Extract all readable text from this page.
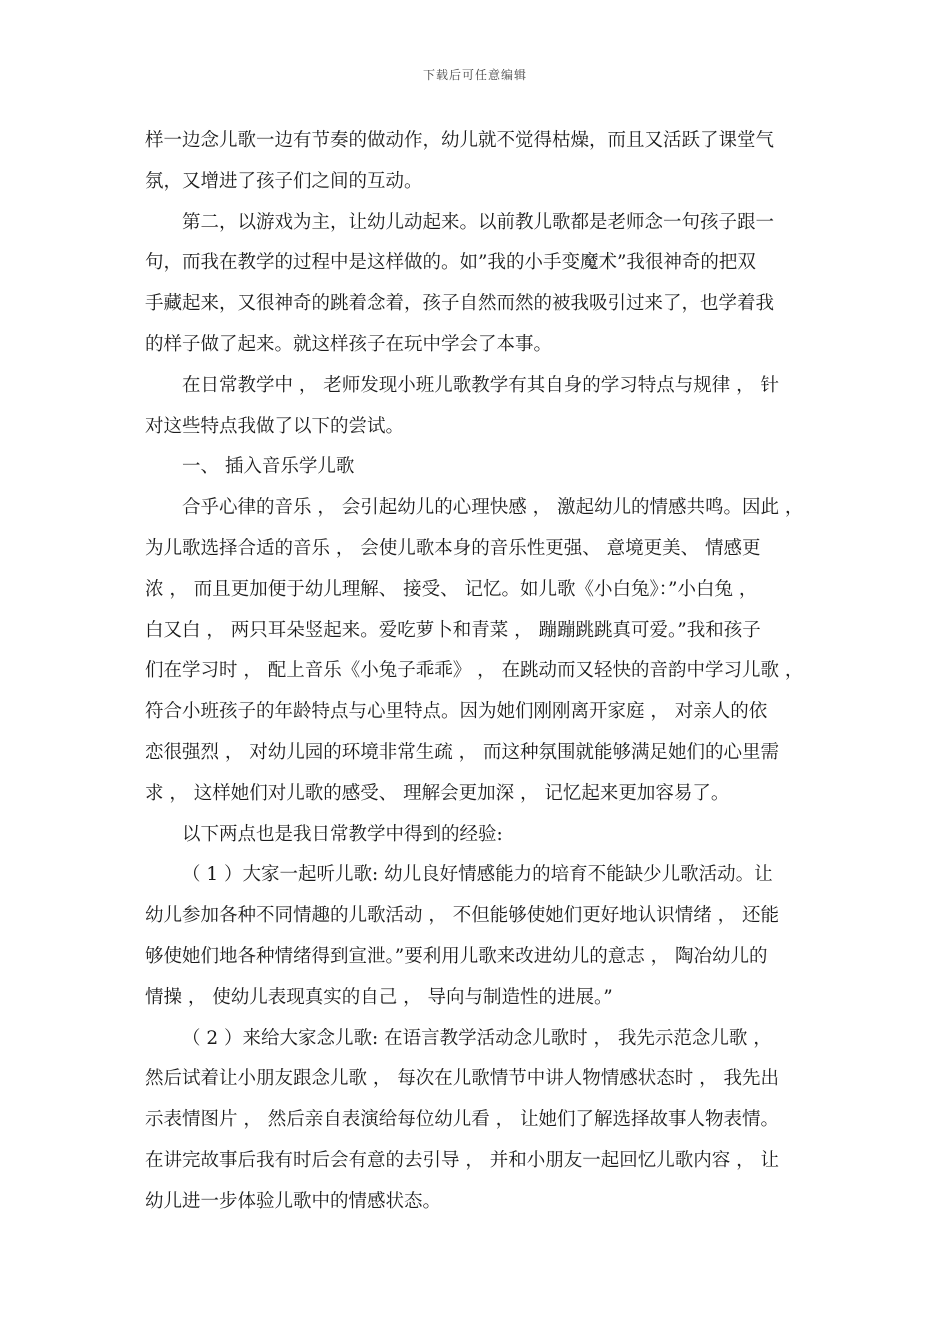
下载后可任意编辑
样一边念儿歌一边有节奏的做动作，幼儿就不觉得枯燥，而且又活跃了课堂气
氛，又增进了孩子们之间的互动。
第二，以游戏为主，让幼儿动起来。以前教儿歌都是老师念一句孩子跟一
句，而我在教学的过程中是这样做的。如”我的小手变魔术”我很神奇的把双
手藏起来，又很神奇的跳着念着，孩子自然而然的被我吸引过来了，也学着我
的样子做了起来。就这样孩子在玩中学会了本事。
在日常教学中 ， 老师发现小班儿歌教学有其自身的学习特点与规律 ， 针
对这些特点我做了以下的尝试。
一、 插入音乐学儿歌
合乎心律的音乐 ， 会引起幼儿的心理快感 ， 激起幼儿的情感共鸣。因此 ，
为儿歌选择合适的音乐 ， 会使儿歌本身的音乐性更强、 意境更美、 情感更
浓 ， 而且更加便于幼儿理解、 接受、 记忆。如儿歌《小白兔》：”小白兔 ，
白又白 ， 两只耳朵竖起来。爱吃萝卜和青菜 ， 蹦蹦跳跳真可爱。”我和孩子
们在学习时 ， 配上音乐《小兔子乖乖》 ， 在跳动而又轻快的音韵中学习儿歌 ，
符合小班孩子的年龄特点与心里特点。因为她们刚刚离开家庭 ， 对亲人的依
恋很强烈 ， 对幼儿园的环境非常生疏 ， 而这种氛围就能够满足她们的心里需
求 ， 这样她们对儿歌的感受、 理解会更加深 ， 记忆起来更加容易了。
以下两点也是我日常教学中得到的经验:
（ 1 ）大家一起听儿歌: 幼儿良好情感能力的培育不能缺少儿歌活动。让
幼儿参加各种不同情趣的儿歌活动 ， 不但能够使她们更好地认识情绪 ， 还能
够使她们地各种情绪得到宣泄。”要利用儿歌来改进幼儿的意志 ， 陶冶幼儿的
情操 ， 使幼儿表现真实的自己 ， 导向与制造性的进展。”
（ 2 ）来给大家念儿歌: 在语言教学活动念儿歌时 ， 我先示范念儿歌 ，
然后试着让小朋友跟念儿歌 ， 每次在儿歌情节中讲人物情感状态时 ， 我先出
示表情图片 ， 然后亲自表演给每位幼儿看 ， 让她们了解选择故事人物表情。
在讲完故事后我有时后会有意的去引导 ， 并和小朋友一起回忆儿歌内容 ， 让
幼儿进一步体验儿歌中的情感状态。
